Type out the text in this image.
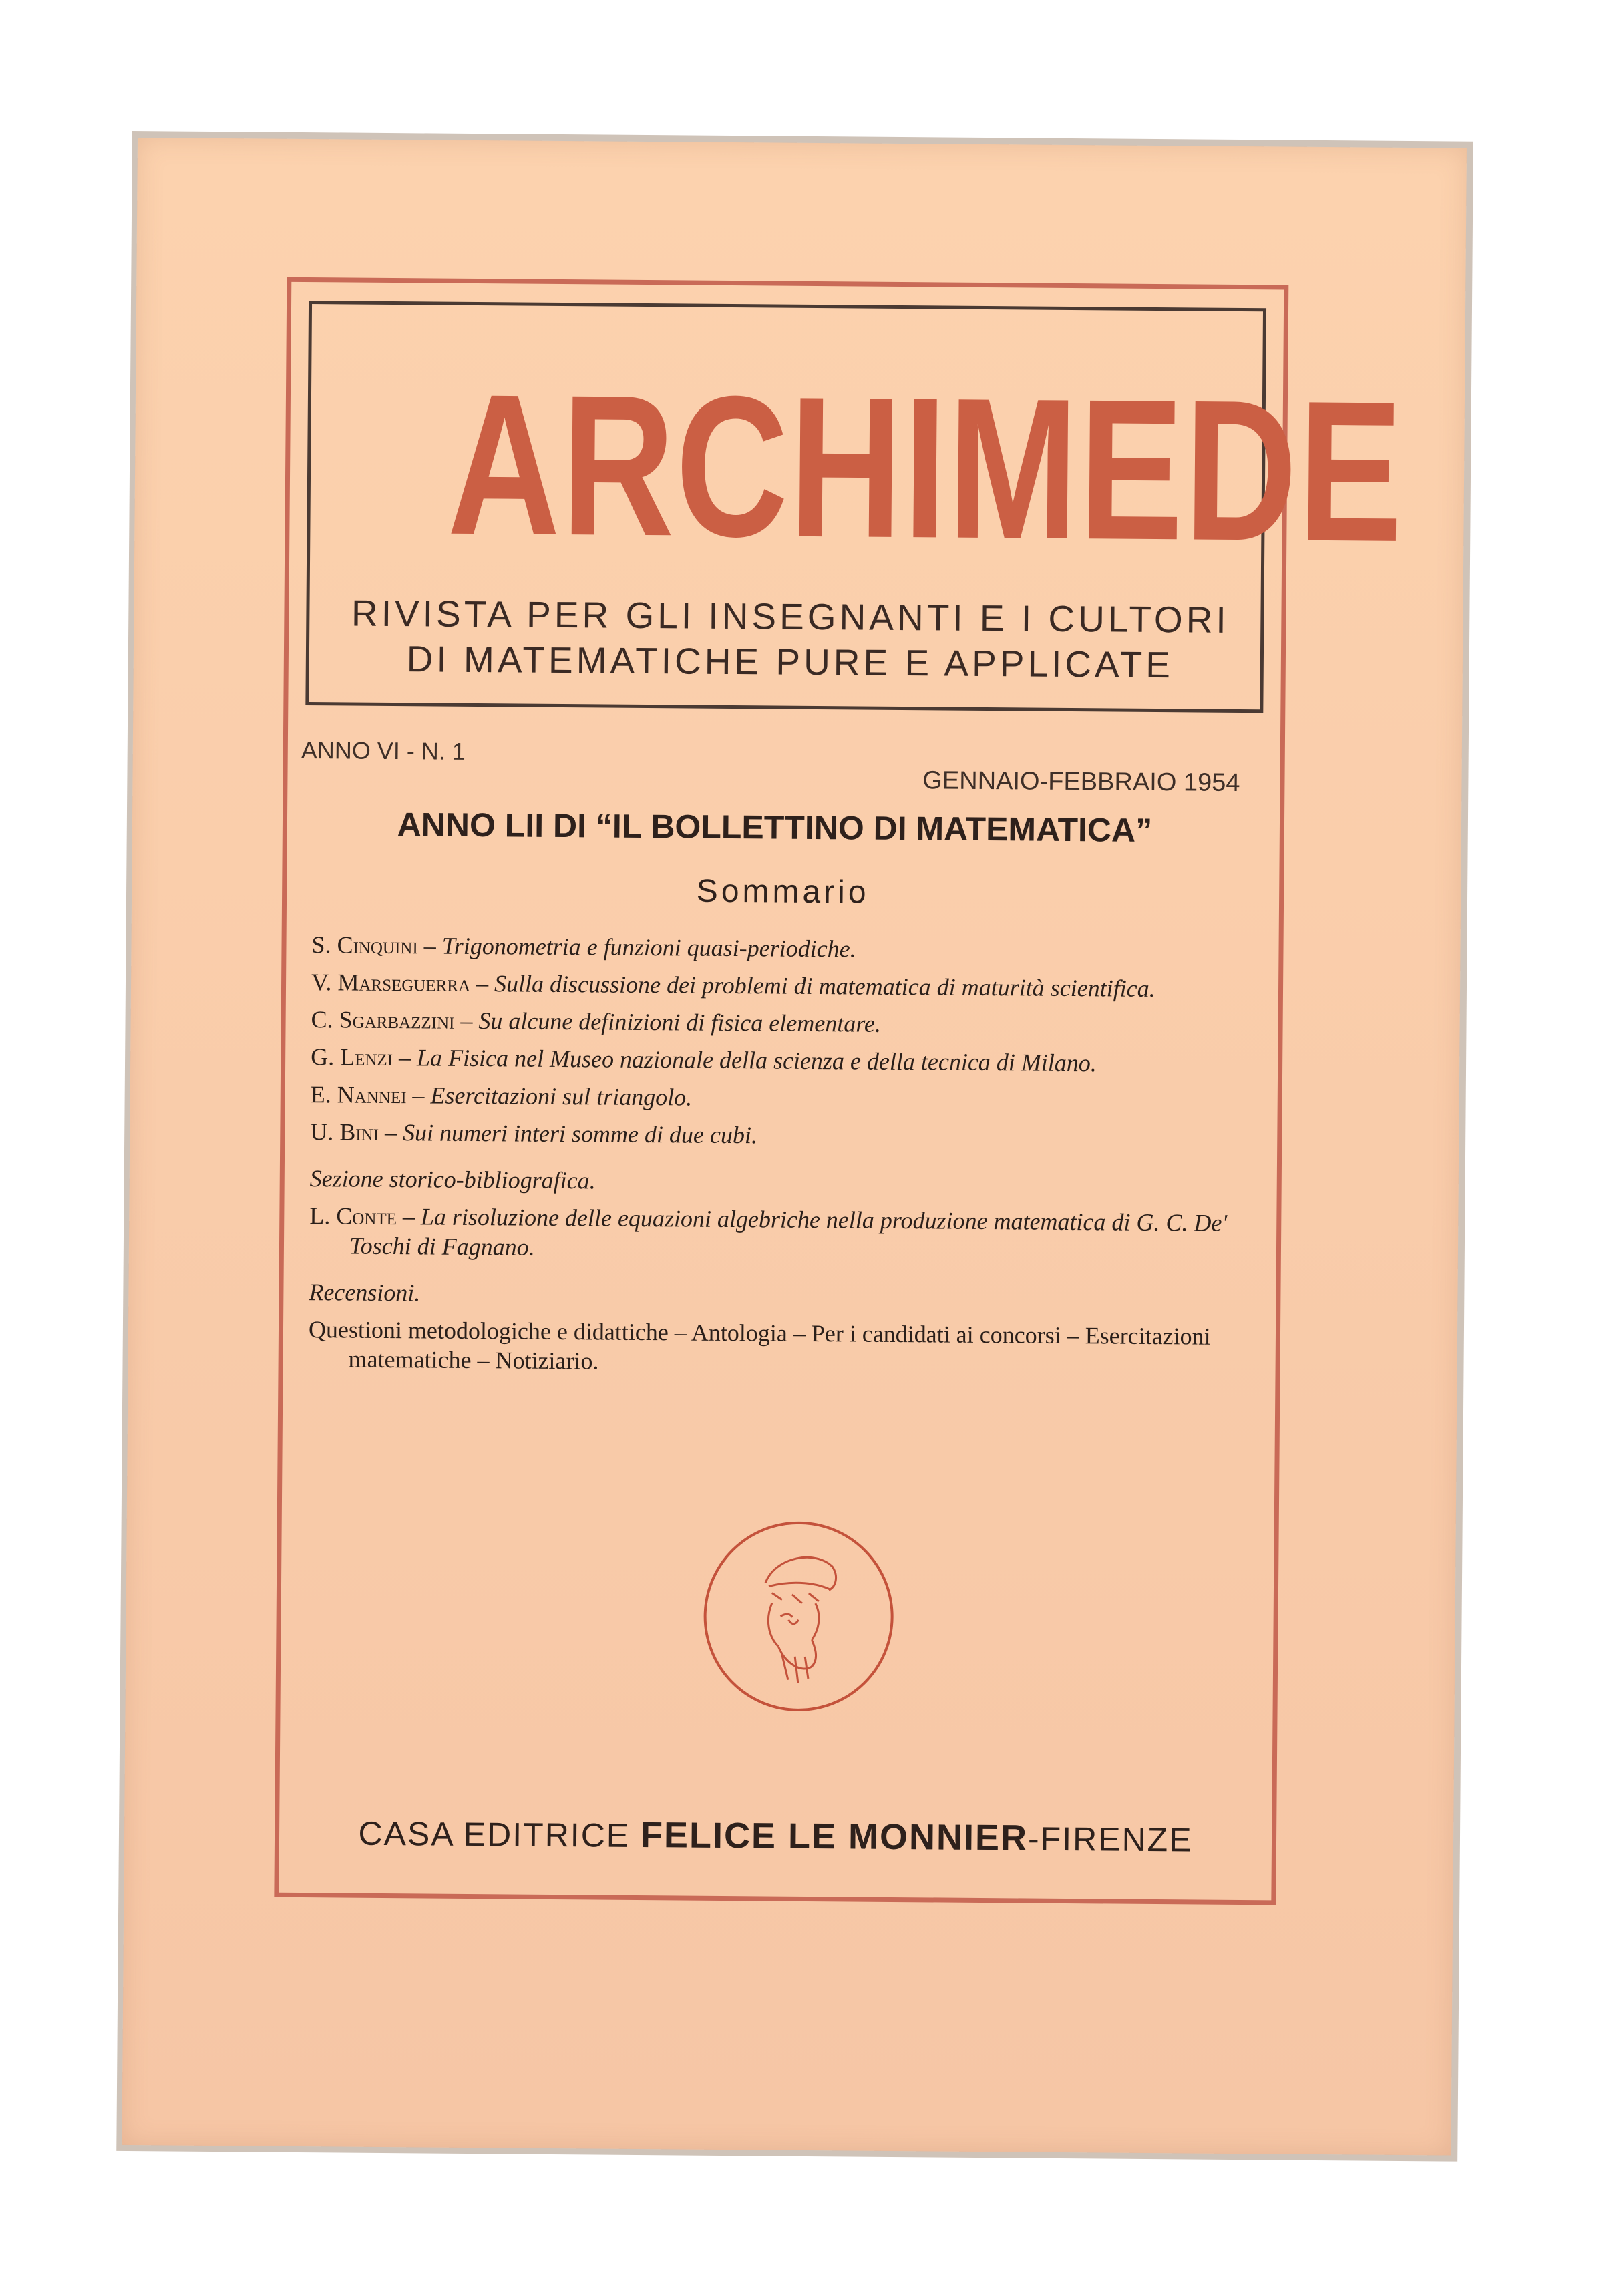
ARCHIMEDE
RIVISTA PER GLI INSEGNANTI E I CULTORI
DI MATEMATICHE PURE E APPLICATE
ANNO VI - N. 1
GENNAIO-FEBBRAIO 1954
ANNO LII DI “IL BOLLETTINO DI MATEMATICA”
Sommario
S. Cinquini – Trigonometria e funzioni quasi-periodiche.
V. Marseguerra – Sulla discussione dei problemi di matematica di maturità scientifica.
C. Sgarbazzini – Su alcune definizioni di fisica elementare.
G. Lenzi – La Fisica nel Museo nazionale della scienza e della tecnica di Milano.
E. Nannei – Esercitazioni sul triangolo.
U. Bini – Sui numeri interi somme di due cubi.
Sezione storico-bibliografica.
L. Conte – La risoluzione delle equazioni algebriche nella produzione matematica di G. C. De' Toschi di Fagnano.
Recensioni.
Questioni metodologiche e didattiche – Antologia – Per i candidati ai concorsi – Esercitazioni matematiche – Notiziario.
CASA EDITRICE FELICE LE MONNIER-FIRENZE
